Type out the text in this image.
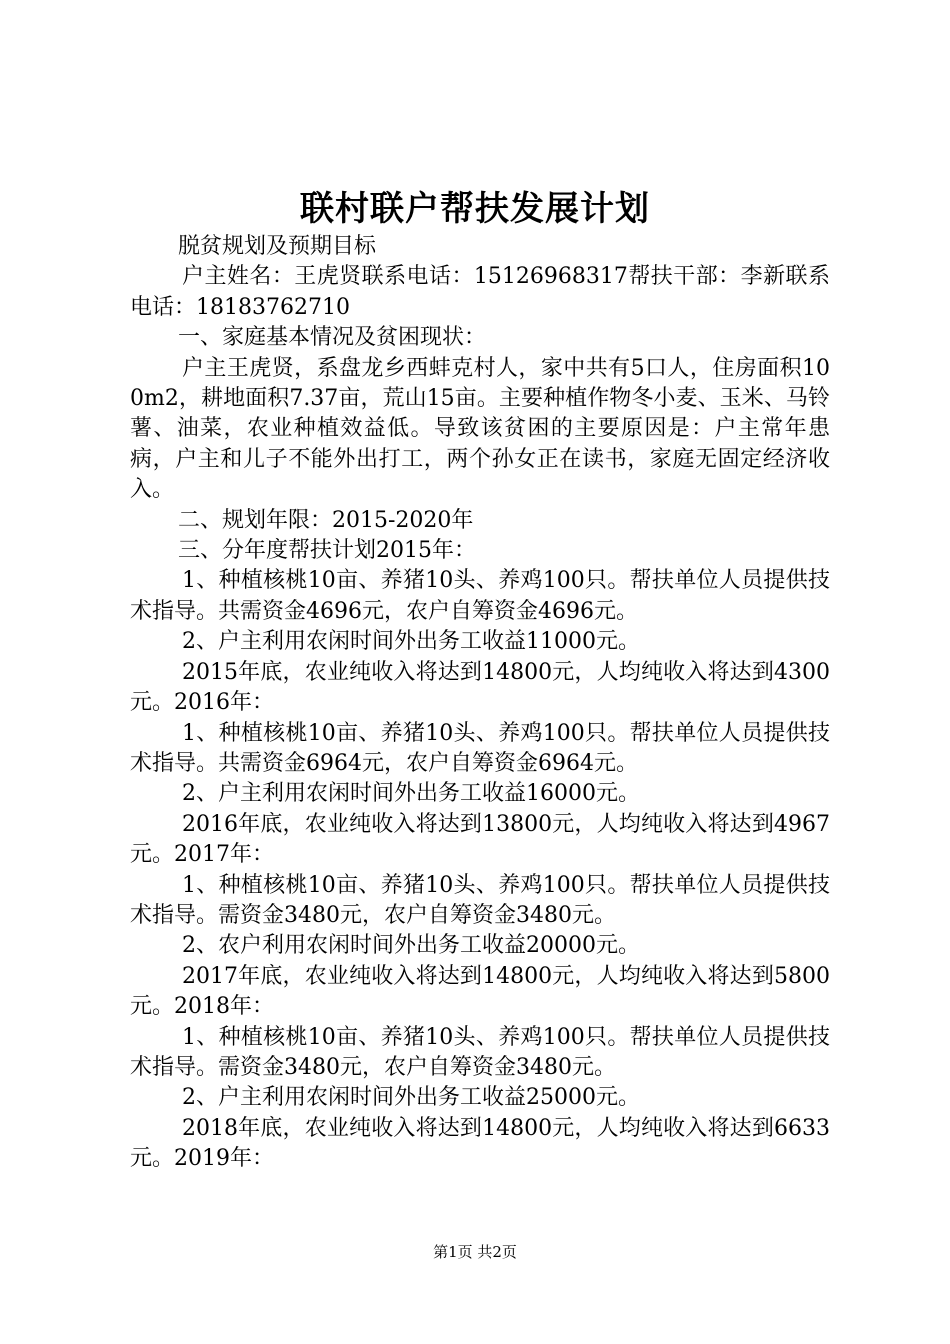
联村联户帮扶发展计划

脱贫规划及预期目标

户主姓名：王虎贤联系电话：15126968317帮扶干部：李新联系电话：18183762710

一、家庭基本情况及贫困现状：

户主王虎贤，系盘龙乡西蚌克村人，家中共有5口人，住房面积100m2，耕地面积7.37亩，荒山15亩。主要种植作物冬小麦、玉米、马铃薯、油菜，农业种植效益低。导致该贫困的主要原因是：户主常年患病，户主和儿子不能外出打工，两个孙女正在读书，家庭无固定经济收入。

二、规划年限：2015-2020年

三、分年度帮扶计划2015年：

1、种植核桃10亩、养猪10头、养鸡100只。帮扶单位人员提供技术指导。共需资金4696元，农户自筹资金4696元。

2、户主利用农闲时间外出务工收益11000元。

2015年底，农业纯收入将达到14800元，人均纯收入将达到4300元。2016年：

1、种植核桃10亩、养猪10头、养鸡100只。帮扶单位人员提供技术指导。共需资金6964元，农户自筹资金6964元。

2、户主利用农闲时间外出务工收益16000元。

2016年底，农业纯收入将达到13800元，人均纯收入将达到4967元。2017年：

1、种植核桃10亩、养猪10头、养鸡100只。帮扶单位人员提供技术指导。需资金3480元，农户自筹资金3480元。

2、农户利用农闲时间外出务工收益20000元。

2017年底，农业纯收入将达到14800元，人均纯收入将达到5800元。2018年：

1、种植核桃10亩、养猪10头、养鸡100只。帮扶单位人员提供技术指导。需资金3480元，农户自筹资金3480元。

2、户主利用农闲时间外出务工收益25000元。

2018年底，农业纯收入将达到14800元，人均纯收入将达到6633元。2019年：

第1页 共2页
